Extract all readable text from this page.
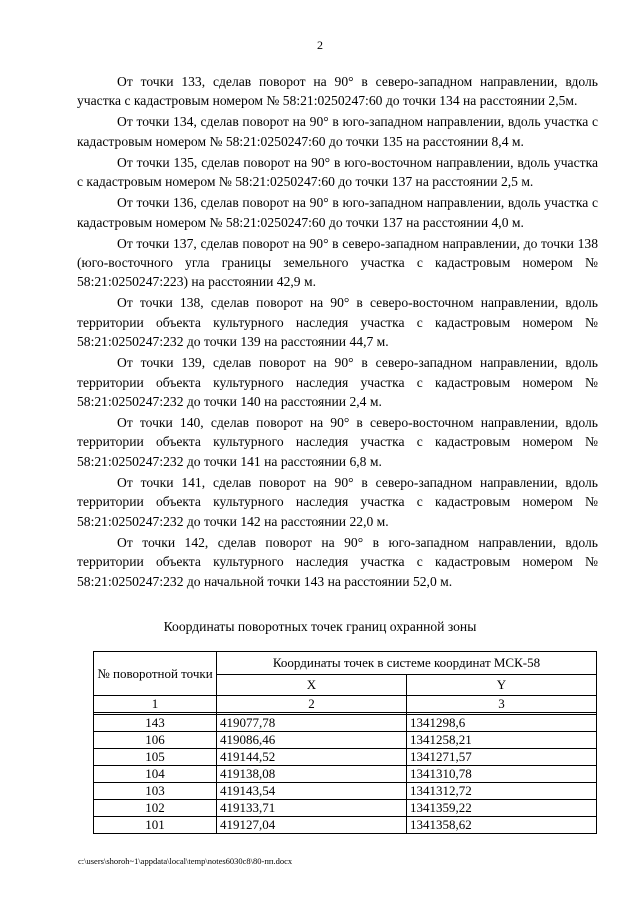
2

От точки 133, сделав поворот на 90° в северо-западном направлении, вдоль участка с кадастровым номером № 58:21:0250247:60 до точки 134 на расстоянии 2,5м.

От точки 134, сделав поворот на 90° в юго-западном направлении, вдоль участка с кадастровым номером № 58:21:0250247:60 до точки 135 на расстоянии 8,4 м.

От точки 135, сделав поворот на 90° в юго-восточном направлении, вдоль участка с кадастровым номером № 58:21:0250247:60 до точки 137 на расстоянии 2,5 м.

От точки 136, сделав поворот на 90° в юго-западном направлении, вдоль участка с кадастровым номером № 58:21:0250247:60 до точки 137 на расстоянии 4,0 м.

От точки 137, сделав поворот на 90° в северо-западном направлении, до точки 138 (юго-восточного угла границы земельного участка с кадастровым номером № 58:21:0250247:223) на расстоянии 42,9 м.

От точки 138, сделав поворот на 90° в северо-восточном направлении, вдоль территории объекта культурного наследия участка с кадастровым номером № 58:21:0250247:232 до точки 139 на расстоянии 44,7 м.

От точки 139, сделав поворот на 90° в северо-западном направлении, вдоль территории объекта культурного наследия участка с кадастровым номером № 58:21:0250247:232 до точки 140 на расстоянии 2,4 м.

От точки 140, сделав поворот на 90° в северо-восточном направлении, вдоль территории объекта культурного наследия участка с кадастровым номером № 58:21:0250247:232 до точки 141 на расстоянии 6,8 м.

От точки 141, сделав поворот на 90° в северо-западном направлении, вдоль территории объекта культурного наследия участка с кадастровым номером № 58:21:0250247:232 до точки 142 на расстоянии 22,0 м.

От точки 142, сделав поворот на 90° в юго-западном направлении, вдоль территории объекта культурного наследия участка с кадастровым номером № 58:21:0250247:232 до начальной точки 143 на расстоянии 52,0 м.

Координаты поворотных точек границ охранной зоны
№ поворотной точки	Координаты точек в системе координат МСК-58	
	X	Y
1	2	3

143	419077,78	1341298,6
106	419086,46	1341258,21
105	419144,52	1341271,57
104	419138,08	1341310,78
103	419143,54	1341312,72
102	419133,71	1341359,22
101	419127,04	1341358,62
c:\users\shoroh~1\appdata\local\temp\notes6030c8\80-пп.docx
